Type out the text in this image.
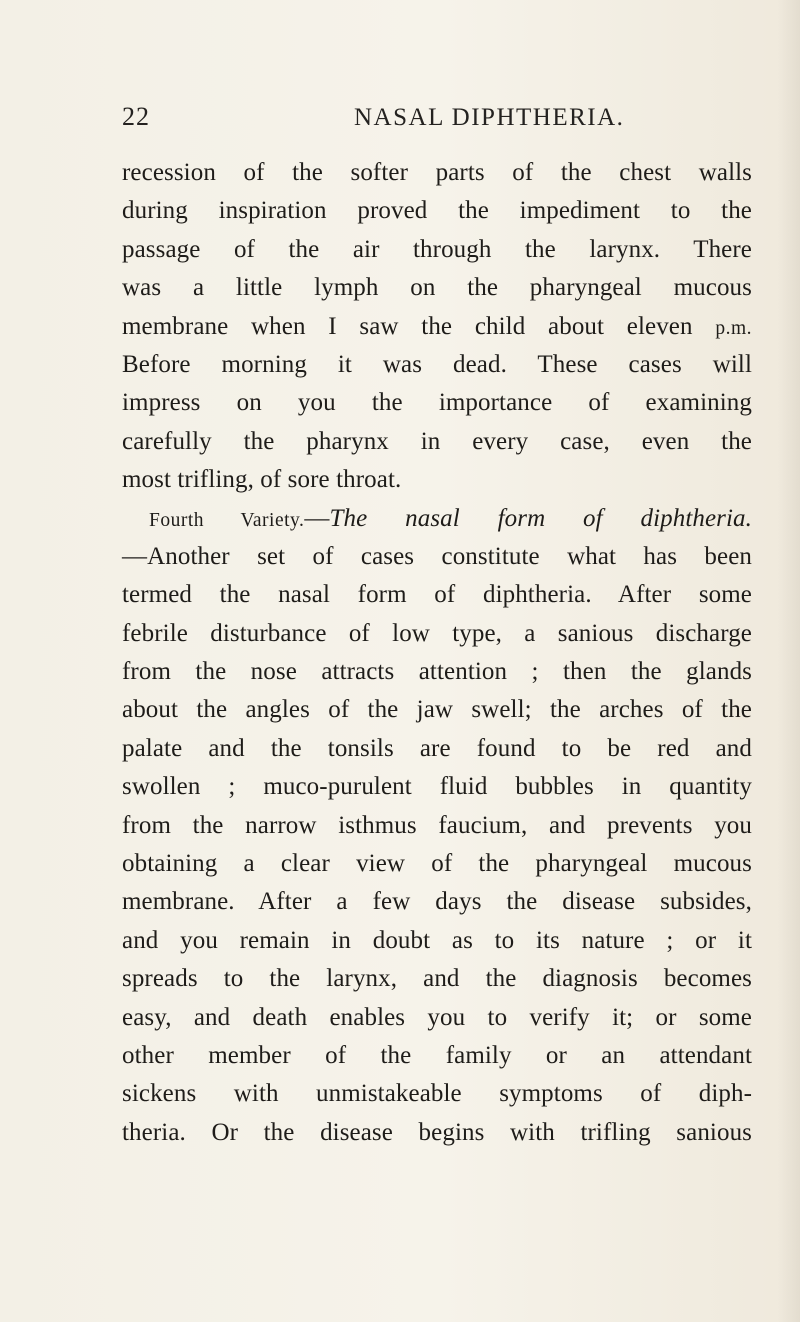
22	NASAL DIPHTHERIA.
recession of the softer parts of the chest walls
during inspiration proved the impediment to the
passage of the air through the larynx. There
was a little lymph on the pharyngeal mucous
membrane when I saw the child about eleven p.m.
Before morning it was dead. These cases will
impress on you the importance of examining
carefully the pharynx in every case, even the
most trifling, of sore throat.
Fourth Variety.—The nasal form of diphtheria.
—Another set of cases constitute what has been
termed the nasal form of diphtheria. After some
febrile disturbance of low type, a sanious discharge
from the nose attracts attention ; then the glands
about the angles of the jaw swell; the arches of the
palate and the tonsils are found to be red and
swollen ; muco-purulent fluid bubbles in quantity
from the narrow isthmus faucium, and prevents you
obtaining a clear view of the pharyngeal mucous
membrane. After a few days the disease subsides,
and you remain in doubt as to its nature ; or it
spreads to the larynx, and the diagnosis becomes
easy, and death enables you to verify it; or some
other member of the family or an attendant
sickens with unmistakeable symptoms of diph-
theria. Or the disease begins with trifling sanious
